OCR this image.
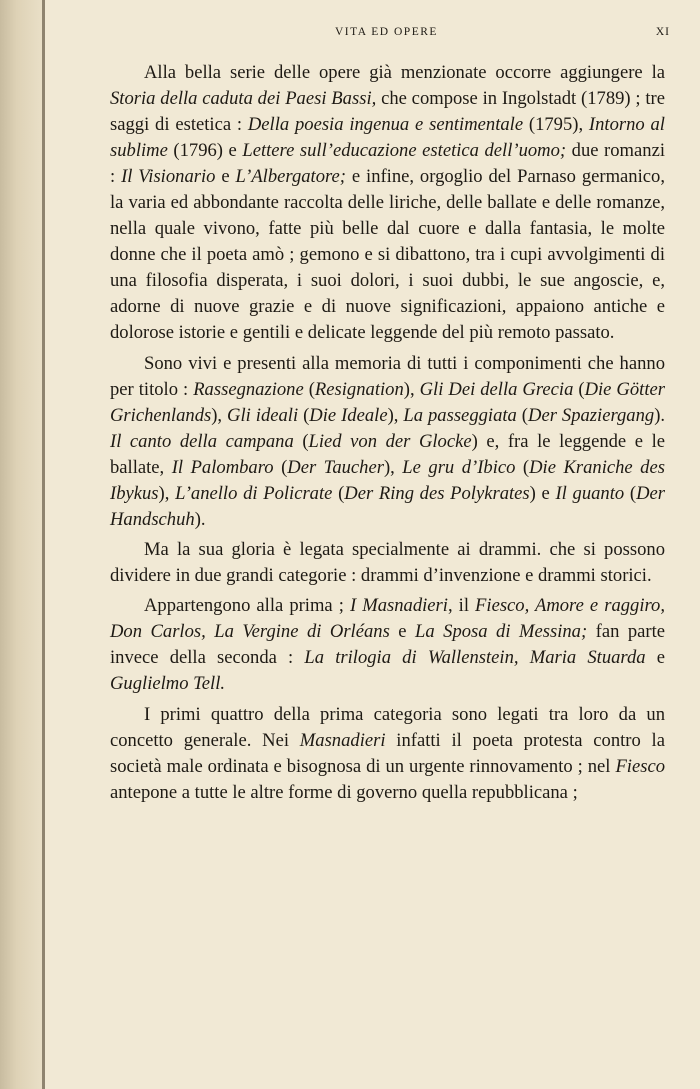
VITA ED OPERE	XI

Alla bella serie delle opere già menzionate occorre aggiungere la Storia della caduta dei Paesi Bassi, che compose in Ingolstadt (1789) ; tre saggi di estetica : Della poesia ingenua e sentimentale (1795), Intorno al sublime (1796) e Lettere sull’educazione estetica dell’uomo; due romanzi : Il Visionario e L’Albergatore; e infine, orgoglio del Parnaso germanico, la varia ed abbondante raccolta delle liriche, delle ballate e delle romanze, nella quale vivono, fatte più belle dal cuore e dalla fantasia, le molte donne che il poeta amò ; gemono e si dibattono, tra i cupi avvolgimenti di una filosofia disperata, i suoi dolori, i suoi dubbi, le sue angoscie, e, adorne di nuove grazie e di nuove significazioni, appaiono antiche e dolorose istorie e gentili e delicate leggende del più remoto passato.

Sono vivi e presenti alla memoria di tutti i componimenti che hanno per titolo : Rassegnazione (Resignation), Gli Dei della Grecia (Die Götter Grichenlands), Gli ideali (Die Ideale), La passeggiata (Der Spaziergang). Il canto della campana (Lied von der Glocke) e, fra le leggende e le ballate, Il Palombaro (Der Taucher), Le gru d’Ibico (Die Kraniche des Ibykus), L’anello di Policrate (Der Ring des Polykrates) e Il guanto (Der Handschuh).

Ma la sua gloria è legata specialmente ai drammi. che si possono dividere in due grandi categorie : drammi d’invenzione e drammi storici.

Appartengono alla prima ; I Masnadieri, il Fiesco, Amore e raggiro, Don Carlos, La Vergine di Orléans e La Sposa di Messina; fan parte invece della seconda : La trilogia di Wallenstein, Maria Stuarda e Guglielmo Tell.

I primi quattro della prima categoria sono legati tra loro da un concetto generale. Nei Masnadieri infatti il poeta protesta contro la società male ordinata e bisognosa di un urgente rinnovamento ; nel Fiesco antepone a tutte le altre forme di governo quella repubblicana ;
